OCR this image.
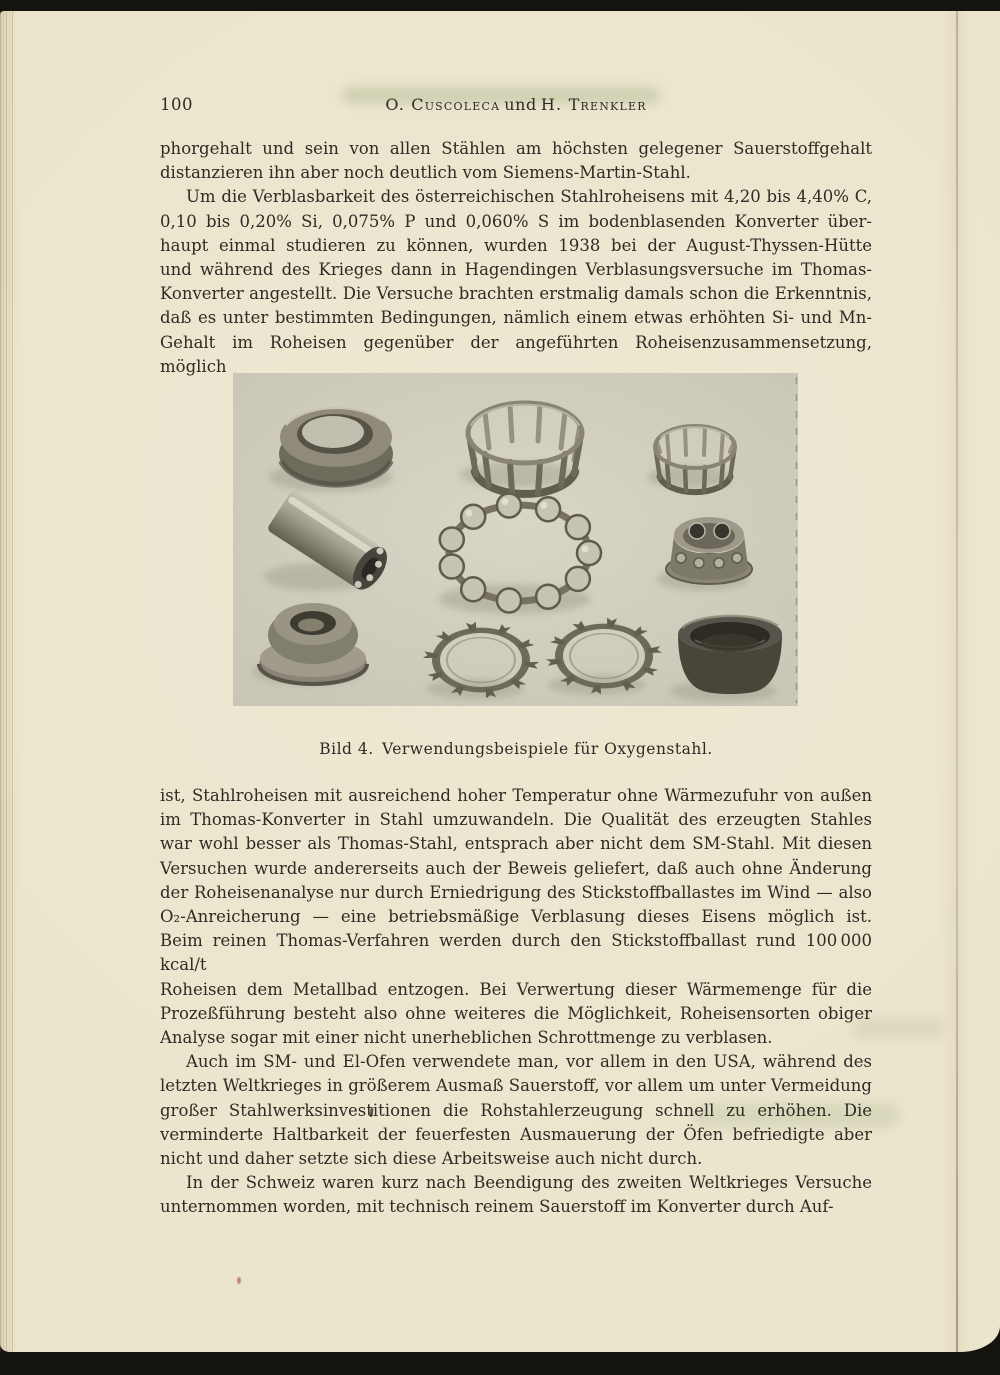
100	O. Cuscoleca und H. Trenkler
phorgehalt und sein von allen Stählen am höchsten gelegener Sauerstoffgehalt
distanzieren ihn aber noch deutlich vom Siemens-Martin-Stahl.
Um die Verblasbarkeit des österreichischen Stahlroheisens mit 4,20 bis 4,40% C,
0,10 bis 0,20% Si, 0,075% P und 0,060% S im bodenblasenden Konverter über-
haupt einmal studieren zu können, wurden 1938 bei der August-Thyssen-Hütte
und während des Krieges dann in Hagendingen Verblasungsversuche im Thomas-
Konverter angestellt. Die Versuche brachten erstmalig damals schon die Erkenntnis,
daß es unter bestimmten Bedingungen, nämlich einem etwas erhöhten Si- und Mn-
Gehalt im Roheisen gegenüber der angeführten Roheisenzusammensetzung, möglich
Bild 4. Verwendungsbeispiele für Oxygenstahl.
ist, Stahlroheisen mit ausreichend hoher Temperatur ohne Wärmezufuhr von außen
im Thomas-Konverter in Stahl umzuwandeln. Die Qualität des erzeugten Stahles
war wohl besser als Thomas-Stahl, entsprach aber nicht dem SM-Stahl. Mit diesen
Versuchen wurde andererseits auch der Beweis geliefert, daß auch ohne Änderung
der Roheisenanalyse nur durch Erniedrigung des Stickstoffballastes im Wind — also
O₂-Anreicherung — eine betriebsmäßige Verblasung dieses Eisens möglich ist.
Beim reinen Thomas-Verfahren werden durch den Stickstoffballast rund 100 000 kcal/t
Roheisen dem Metallbad entzogen. Bei Verwertung dieser Wärmemenge für die
Prozeßführung besteht also ohne weiteres die Möglichkeit, Roheisensorten obiger
Analyse sogar mit einer nicht unerheblichen Schrottmenge zu verblasen.
Auch im SM- und El-Ofen verwendete man, vor allem in den USA, während des
letzten Weltkrieges in größerem Ausmaß Sauerstoff, vor allem um unter Vermeidung
großer Stahlwerksinvestitionen die Rohstahlerzeugung schnell zu erhöhen. Die
verminderte Haltbarkeit der feuerfesten Ausmauerung der Öfen befriedigte aber
nicht und daher setzte sich diese Arbeitsweise auch nicht durch.
In der Schweiz waren kurz nach Beendigung des zweiten Weltkrieges Versuche
unternommen worden, mit technisch reinem Sauerstoff im Konverter durch Auf-
